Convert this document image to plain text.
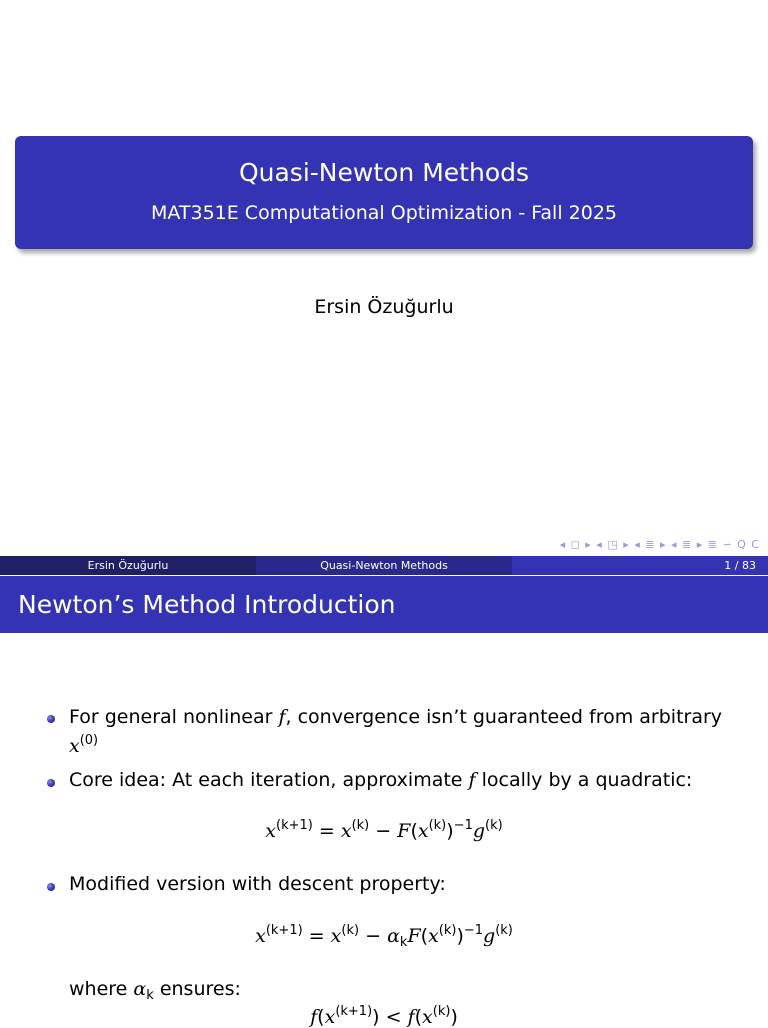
Quasi-Newton Methods
MAT351E Computational Optimization - Fall 2025
Ersin Özuğurlu
◂ ◻ ▸ ◂ ◳ ▸ ◂ ≣ ▸ ◂ ≣ ▸ ≣ ∽ Q C
Ersin Özuğurlu	Quasi-Newton Methods	1 / 83
Newton’s Method Introduction
For general nonlinear f, convergence isn’t guaranteed from arbitrary
$x^{(0)}$
Core idea: At each iteration, approximate f locally by a quadratic:
$x^{(k+1)} = x^{(k)} - F(x^{(k)})^{-1}g^{(k)}$
Modified version with descent property:
$x^{(k+1)} = x^{(k)} - \alpha_kF(x^{(k)})^{-1}g^{(k)}$
where $\alpha_k$ ensures:
$f(x^{(k+1)}) < f(x^{(k)})$
